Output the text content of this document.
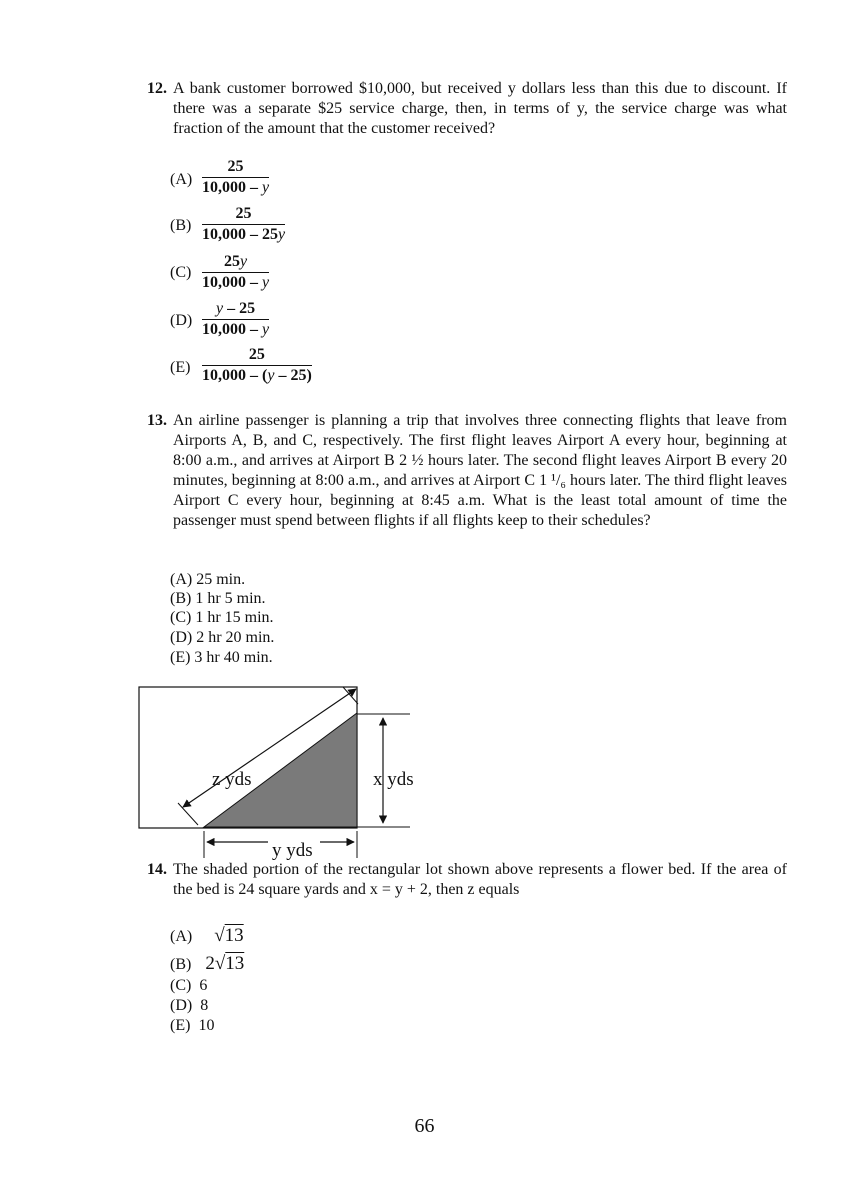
12. A bank customer borrowed $10,000, but received y dollars less than this due to discount. If there was a separate $25 service charge, then, in terms of y, the service charge was what fraction of the amount that the customer received?
$(A) \frac{25}{10,000 - y}$
$(B) \frac{25}{10,000 - 25y}$
$(C) \frac{25y}{10,000 - y}$
$(D) \frac{y - 25}{10,000 - y}$
$(E) \frac{25}{10,000 - (y - 25)}$
13. An airline passenger is planning a trip that involves three connecting flights that leave from Airports A, B, and C, respectively. The first flight leaves Airport A every hour, beginning at 8:00 a.m., and arrives at Airport B 2 ½ hours later. The second flight leaves Airport B every 20 minutes, beginning at 8:00 a.m., and arrives at Airport C 1 ¹/₆ hours later. The third flight leaves Airport C every hour, beginning at 8:45 a.m. What is the least total amount of time the passenger must spend between flights if all flights keep to their schedules?
(A) 25 min.
(B) 1 hr 5 min.
(C) 1 hr 15 min.
(D) 2 hr 20 min.
(E) 3 hr 40 min.
z yds	x yds
y yds
14. The shaded portion of the rectangular lot shown above represents a flower bed. If the area of the bed is 24 square yards and x = y + 2, then z equals
(A) √13
(B) 2√13
(C) 6
(D) 8
(E) 10
66
